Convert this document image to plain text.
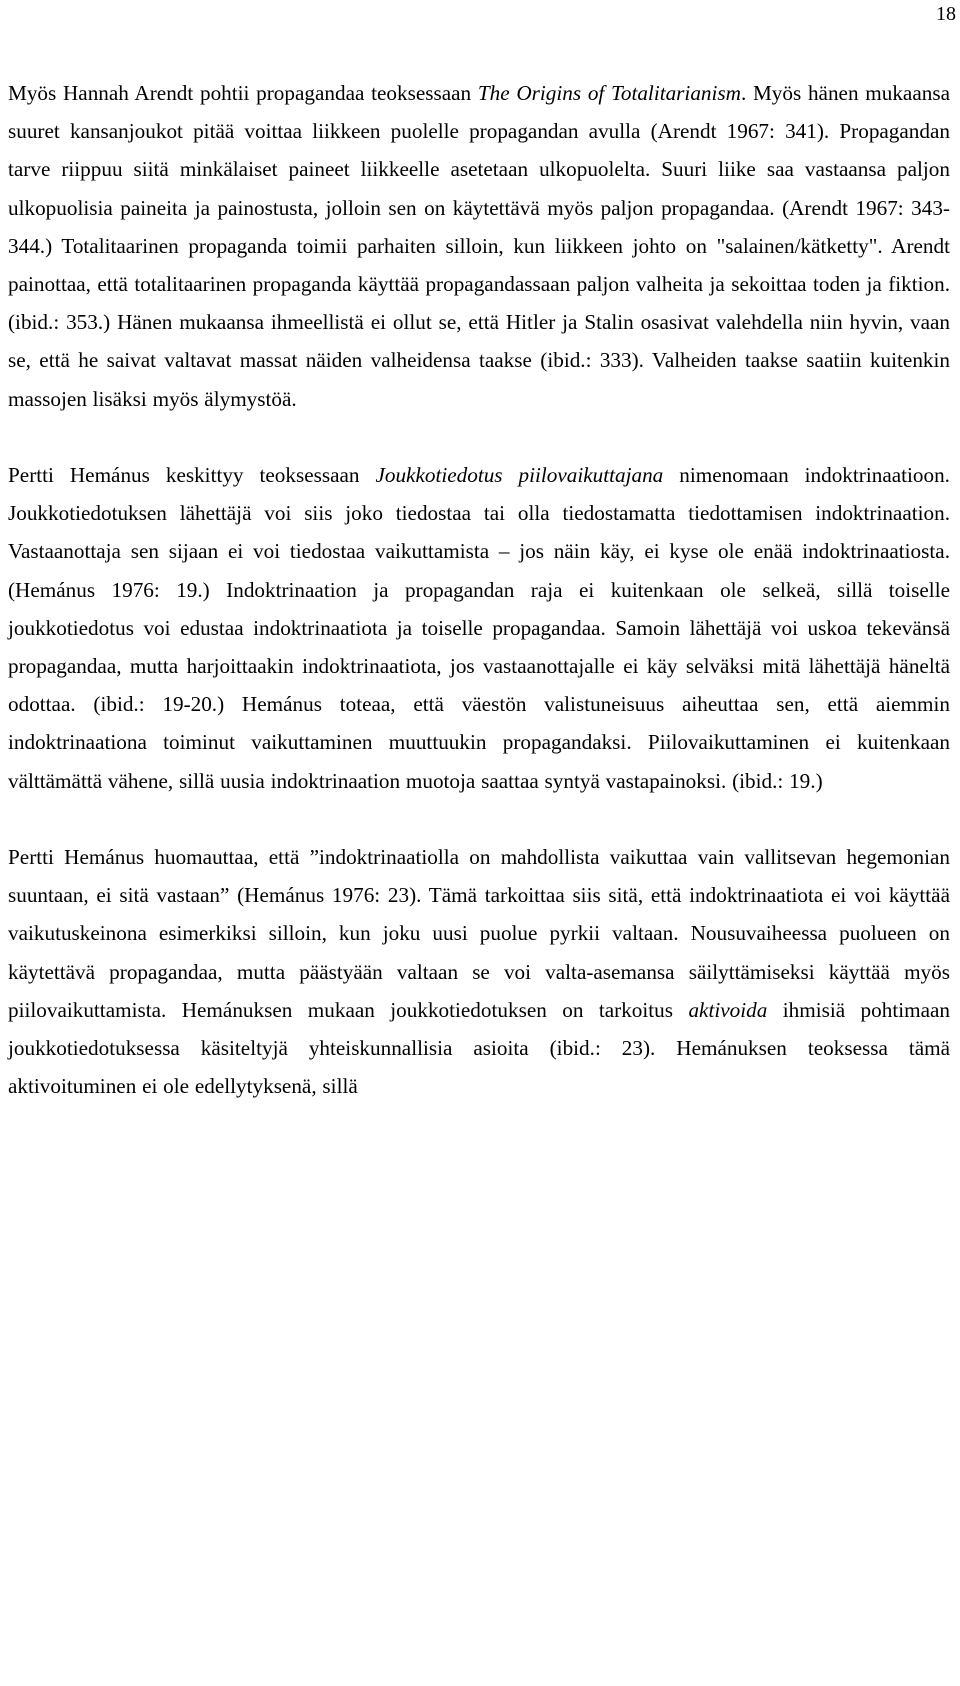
18

Myös Hannah Arendt pohtii propagandaa teoksessaan The Origins of Totalitarianism. Myös hänen mukaansa suuret kansanjoukot pitää voittaa liikkeen puolelle propagandan avulla (Arendt 1967: 341). Propagandan tarve riippuu siitä minkälaiset paineet liikkeelle asetetaan ulkopuolelta. Suuri liike saa vastaansa paljon ulkopuolisia paineita ja painostusta, jolloin sen on käytettävä myös paljon propagandaa. (Arendt 1967: 343-344.) Totalitaarinen propaganda toimii parhaiten silloin, kun liikkeen johto on "salainen/kätketty". Arendt painottaa, että totalitaarinen propaganda käyttää propagandassaan paljon valheita ja sekoittaa toden ja fiktion. (ibid.: 353.) Hänen mukaansa ihmeellistä ei ollut se, että Hitler ja Stalin osasivat valehdella niin hyvin, vaan se, että he saivat valtavat massat näiden valheidensa taakse (ibid.: 333). Valheiden taakse saatiin kuitenkin massojen lisäksi myös älymystöä.

Pertti Hemánus keskittyy teoksessaan Joukkotiedotus piilovaikuttajana nimenomaan indoktrinaatioon. Joukkotiedotuksen lähettäjä voi siis joko tiedostaa tai olla tiedostamatta tiedottamisen indoktrinaation. Vastaanottaja sen sijaan ei voi tiedostaa vaikuttamista – jos näin käy, ei kyse ole enää indoktrinaatiosta. (Hemánus 1976: 19.) Indoktrinaation ja propagandan raja ei kuitenkaan ole selkeä, sillä toiselle joukkotiedotus voi edustaa indoktrinaatiota ja toiselle propagandaa. Samoin lähettäjä voi uskoa tekevänsä propagandaa, mutta harjoittaakin indoktrinaatiota, jos vastaanottajalle ei käy selväksi mitä lähettäjä häneltä odottaa. (ibid.: 19-20.) Hemánus toteaa, että väestön valistuneisuus aiheuttaa sen, että aiemmin indoktrinaationa toiminut vaikuttaminen muuttuukin propagandaksi. Piilovaikuttaminen ei kuitenkaan välttämättä vähene, sillä uusia indoktrinaation muotoja saattaa syntyä vastapainoksi. (ibid.: 19.)

Pertti Hemánus huomauttaa, että ”indoktrinaatiolla on mahdollista vaikuttaa vain vallitsevan hegemonian suuntaan, ei sitä vastaan” (Hemánus 1976: 23). Tämä tarkoittaa siis sitä, että indoktrinaatiota ei voi käyttää vaikutuskeinona esimerkiksi silloin, kun joku uusi puolue pyrkii valtaan. Nousuvaiheessa puolueen on käytettävä propagandaa, mutta päästyään valtaan se voi valta-asemansa säilyttämiseksi käyttää myös piilovaikuttamista. Hemánuksen mukaan joukkotiedotuksen on tarkoitus aktivoida ihmisiä pohtimaan joukkotiedotuksessa käsiteltyjä yhteiskunnallisia asioita (ibid.: 23). Hemánuksen teoksessa tämä aktivoituminen ei ole edellytyksenä, sillä
